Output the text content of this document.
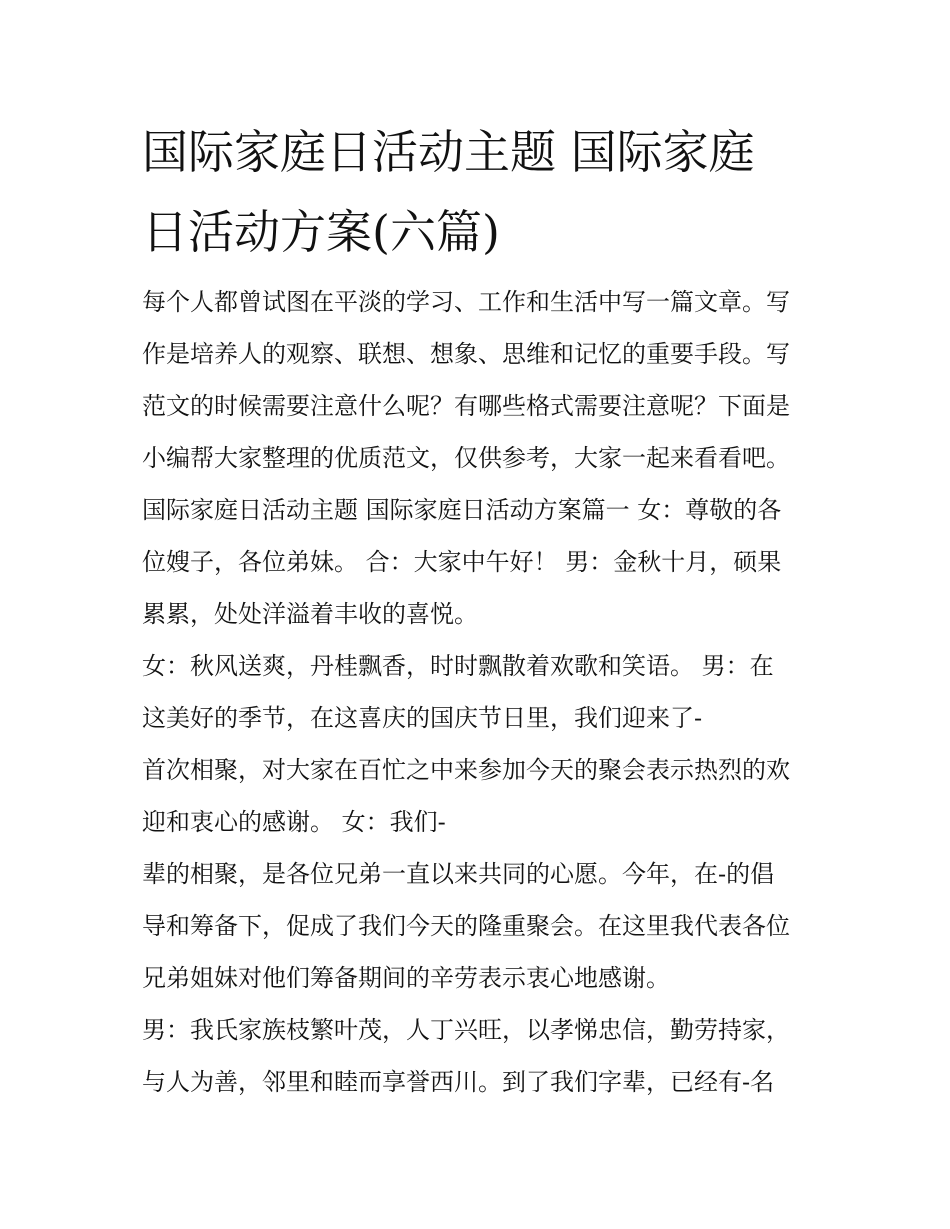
国际家庭日活动主题 国际家庭
日活动方案(六篇)
每个人都曾试图在平淡的学习、工作和生活中写一篇文章。写
作是培养人的观察、联想、想象、思维和记忆的重要手段。写
范文的时候需要注意什么呢？有哪些格式需要注意呢？下面是
小编帮大家整理的优质范文，仅供参考，大家一起来看看吧。
国际家庭日活动主题 国际家庭日活动方案篇一 女：尊敬的各
位嫂子，各位弟妹。 合：大家中午好！ 男：金秋十月，硕果
累累，处处洋溢着丰收的喜悦。
女：秋风送爽，丹桂飘香，时时飘散着欢歌和笑语。 男：在
这美好的季节，在这喜庆的国庆节日里，我们迎来了-
首次相聚，对大家在百忙之中来参加今天的聚会表示热烈的欢
迎和衷心的感谢。 女：我们-
辈的相聚，是各位兄弟一直以来共同的心愿。今年，在-的倡
导和筹备下，促成了我们今天的隆重聚会。在这里我代表各位
兄弟姐妹对他们筹备期间的辛劳表示衷心地感谢。
男：我氏家族枝繁叶茂，人丁兴旺，以孝悌忠信，勤劳持家，
与人为善，邻里和睦而享誉西川。到了我们字辈，已经有-名
